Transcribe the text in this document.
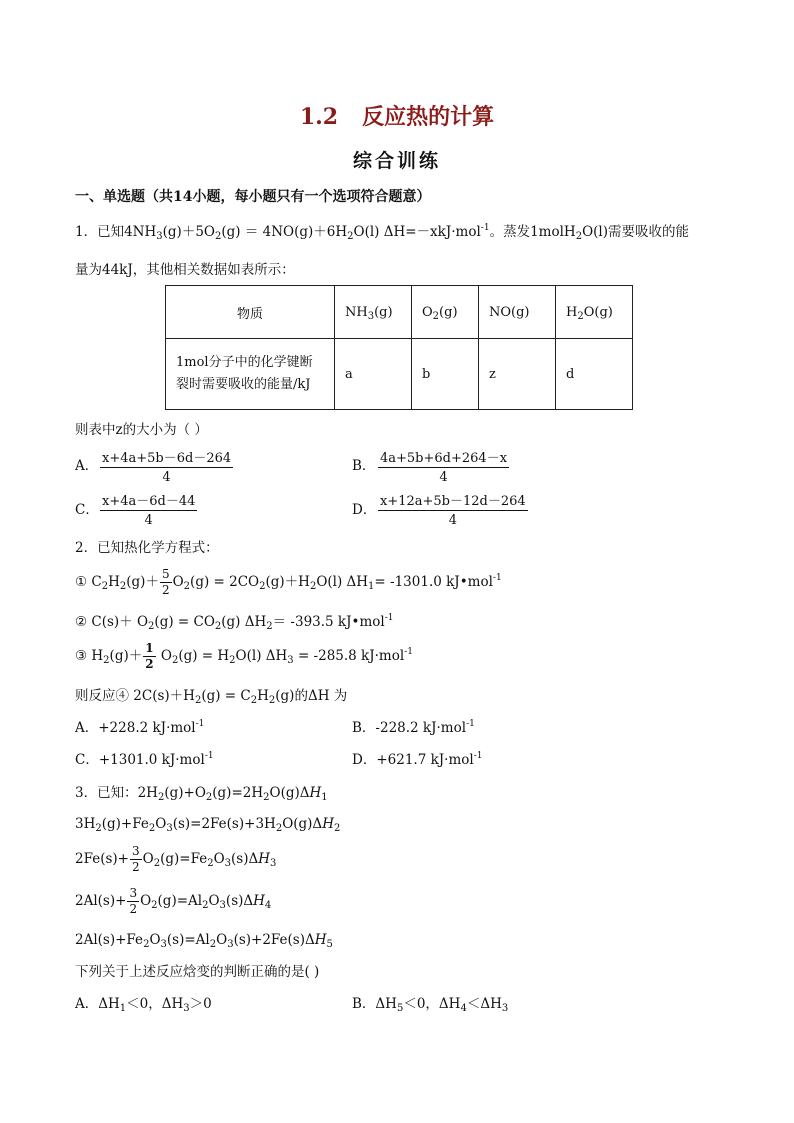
1.2 反应热的计算
综合训练
一、单选题（共14小题，每小题只有一个选项符合题意）
1．已知$4NH_3(g)+5O_2(g) = 4NO(g)+6H_2O(l)$ ΔH=－xkJ·mol$^{-1}$。蒸发1molH$_2$O(l)需要吸收的能
量为44kJ，其他相关数据如表所示：
物质	$NH_3(g)$	$O_2(g)$	NO(g)	$H_2O(g)$

1mol分子中的化学键断
裂时需要吸收的能量/kJ	a	b	z	d
则表中z的大小为（ ）
A． $\frac{x+4a+5b-6d-264}{4}$	B． $\frac{4a+5b+6d+264-x}{4}$
C． $\frac{x+4a-6d-44}{4}$	D． $\frac{x+12a+5b-12d-264}{4}$
2．已知热化学方程式：
① $C_2H_2(g)+ \frac{5}{2} O_2(g) = 2CO_2(g)+H_2O(l)$ $\Delta H_1= -1301.0$ kJ•mol$^{-1}$
② $C(s)+ O_2(g) = CO_2(g)$ $\Delta H_2= -393.5$ kJ•mol$^{-1}$
③ $H_2(g)+ \frac{1}{2} O_2(g) = H_2O(l) \Delta H_3 = -285.8$ kJ·mol$^{-1}$
则反应④ $2C(s)+H_2(g) = C_2H_2(g)$的ΔH 为
A．+228.2 kJ·mol$^{-1}$	B．-228.2 kJ·mol$^{-1}$
C．+1301.0 kJ·mol$^{-1}$	D．+621.7 kJ·mol$^{-1}$
3．已知：$2H_2(g)+O_2(g)=2H_2O(g)\Delta H_1$
$3H_2(g)+Fe_2O_3(s)=2Fe(s)+3H_2O(g)\Delta H_2$
$2Fe(s)+ \frac{3}{2} O_2(g)=Fe_2O_3(s)\Delta H_3$
$2Al(s)+ \frac{3}{2} O_2(g)=Al_2O_3(s)\Delta H_4$
$2Al(s)+Fe_2O_3(s)=Al_2O_3(s)+2Fe(s)\Delta H_5$
下列关于上述反应焓变的判断正确的是( )
A．$\Delta H_1<0$，$\Delta H_3>0$	B．$\Delta H_5<0$，$\Delta H_4<\Delta H_3$
